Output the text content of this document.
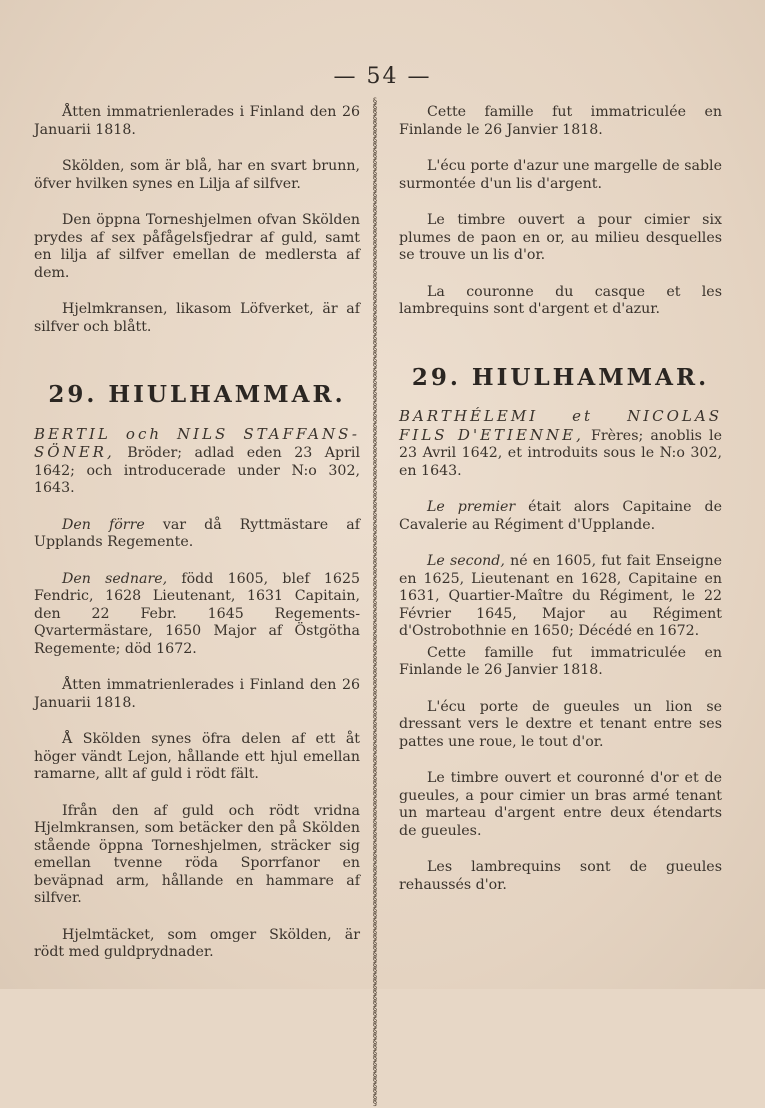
— 54 —

Åtten immatrienlerades i Finland den 26 Januarii 1818.

Skölden, som är blå, har en svart brunn, öfver hvilken synes en Lilja af silfver.

Den öppna Torneshjelmen ofvan Skölden prydes af sex påfågelsfjedrar af guld, samt en lilja af silfver emellan de medlersta af dem.

Hjelmkransen, likasom Löfverket, är af silfver och blått.

29. HIULHAMMAR.

BERTIL och NILS STAFFANS-SÖNER, Bröder; adlad eden 23 April 1642; och introducerade under N:o 302, 1643.

Den förre var då Ryttmästare af Upplands Regemente.

Den sednare, född 1605, blef 1625 Fendric, 1628 Lieutenant, 1631 Capitain, den 22 Febr. 1645 Regements-Qvartermästare, 1650 Major af Östgötha Regemente; död 1672.

Åtten immatrienlerades i Finland den 26 Januarii 1818.

Å Skölden synes öfra delen af ett åt höger vändt Lejon, hållande ett hjul emellan ramarne, allt af guld i rödt fält.

Ifrån den af guld och rödt vridna Hjelmkransen, som betäcker den på Skölden stående öppna Torneshjelmen, sträcker sig emellan tvenne röda Sporrfanor en beväpnad arm, hållande en hammare af silfver.

Hjelmtäcket, som omger Skölden, är rödt med guldprydnader.

§§§§§§§§§§§§§§§§§§§§§§§§§§§§§§§§§§§§§§§§§§§§§§§§§§§§§§§§§§§§§§§§§§§§§§§§§§§§§§§§§§§§§§§§§§§§§§§§§§§§§§§§§§§§§§§§§§§§§§§§§§§§§§§§§§§§§§§§§§§§§§§§§§§§§§§§§§§§§§§§§§§§§§§§§§§§§§§§§§§§§§§

Cette famille fut immatriculée en Finlande le 26 Janvier 1818.

L'écu porte d'azur une margelle de sable surmontée d'un lis d'argent.

Le timbre ouvert a pour cimier six plumes de paon en or, au milieu desquelles se trouve un lis d'or.

La couronne du casque et les lambrequins sont d'argent et d'azur.

29. HIULHAMMAR.

BARTHÉLEMI et NICOLAS FILS D'ETIENNE, Frères; anoblis le 23 Avril 1642, et introduits sous le N:o 302, en 1643.

Le premier était alors Capitaine de Cavalerie au Régiment d'Upplande.

Le second, né en 1605, fut fait Enseigne en 1625, Lieutenant en 1628, Capitaine en 1631, Quartier-Maître du Régiment, le 22 Février 1645, Major au Régiment d'Ostrobothnie en 1650; Décédé en 1672.

Cette famille fut immatriculée en Finlande le 26 Janvier 1818.

L'écu porte de gueules un lion se dressant vers le dextre et tenant entre ses pattes une roue, le tout d'or.

Le timbre ouvert et couronné d'or et de gueules, a pour cimier un bras armé tenant un marteau d'argent entre deux étendarts de gueules.

Les lambrequins sont de gueules rehaussés d'or.
